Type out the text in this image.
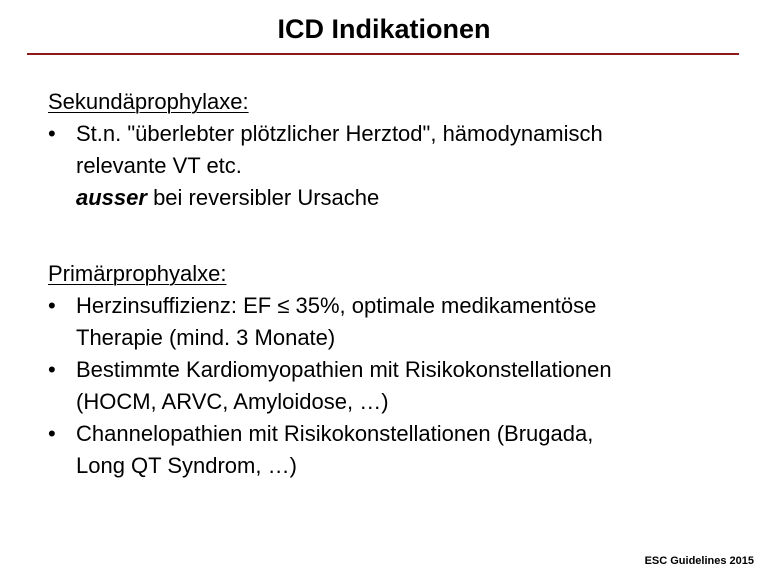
ICD Indikationen

Sekundäprophylaxe:

• St.n. "überlebter plötzlicher Herztod", hämodynamisch
relevante VT etc.
ausser bei reversibler Ursache

Primärprophyalxe:

• Herzinsuffizienz: EF ≤ 35%, optimale medikamentöse
Therapie (mind. 3 Monate)
• Bestimmte Kardiomyopathien mit Risikokonstellationen
(HOCM, ARVC, Amyloidose, …)
• Channelopathien mit Risikokonstellationen (Brugada,
Long QT Syndrom, …)
ESC Guidelines 2015
